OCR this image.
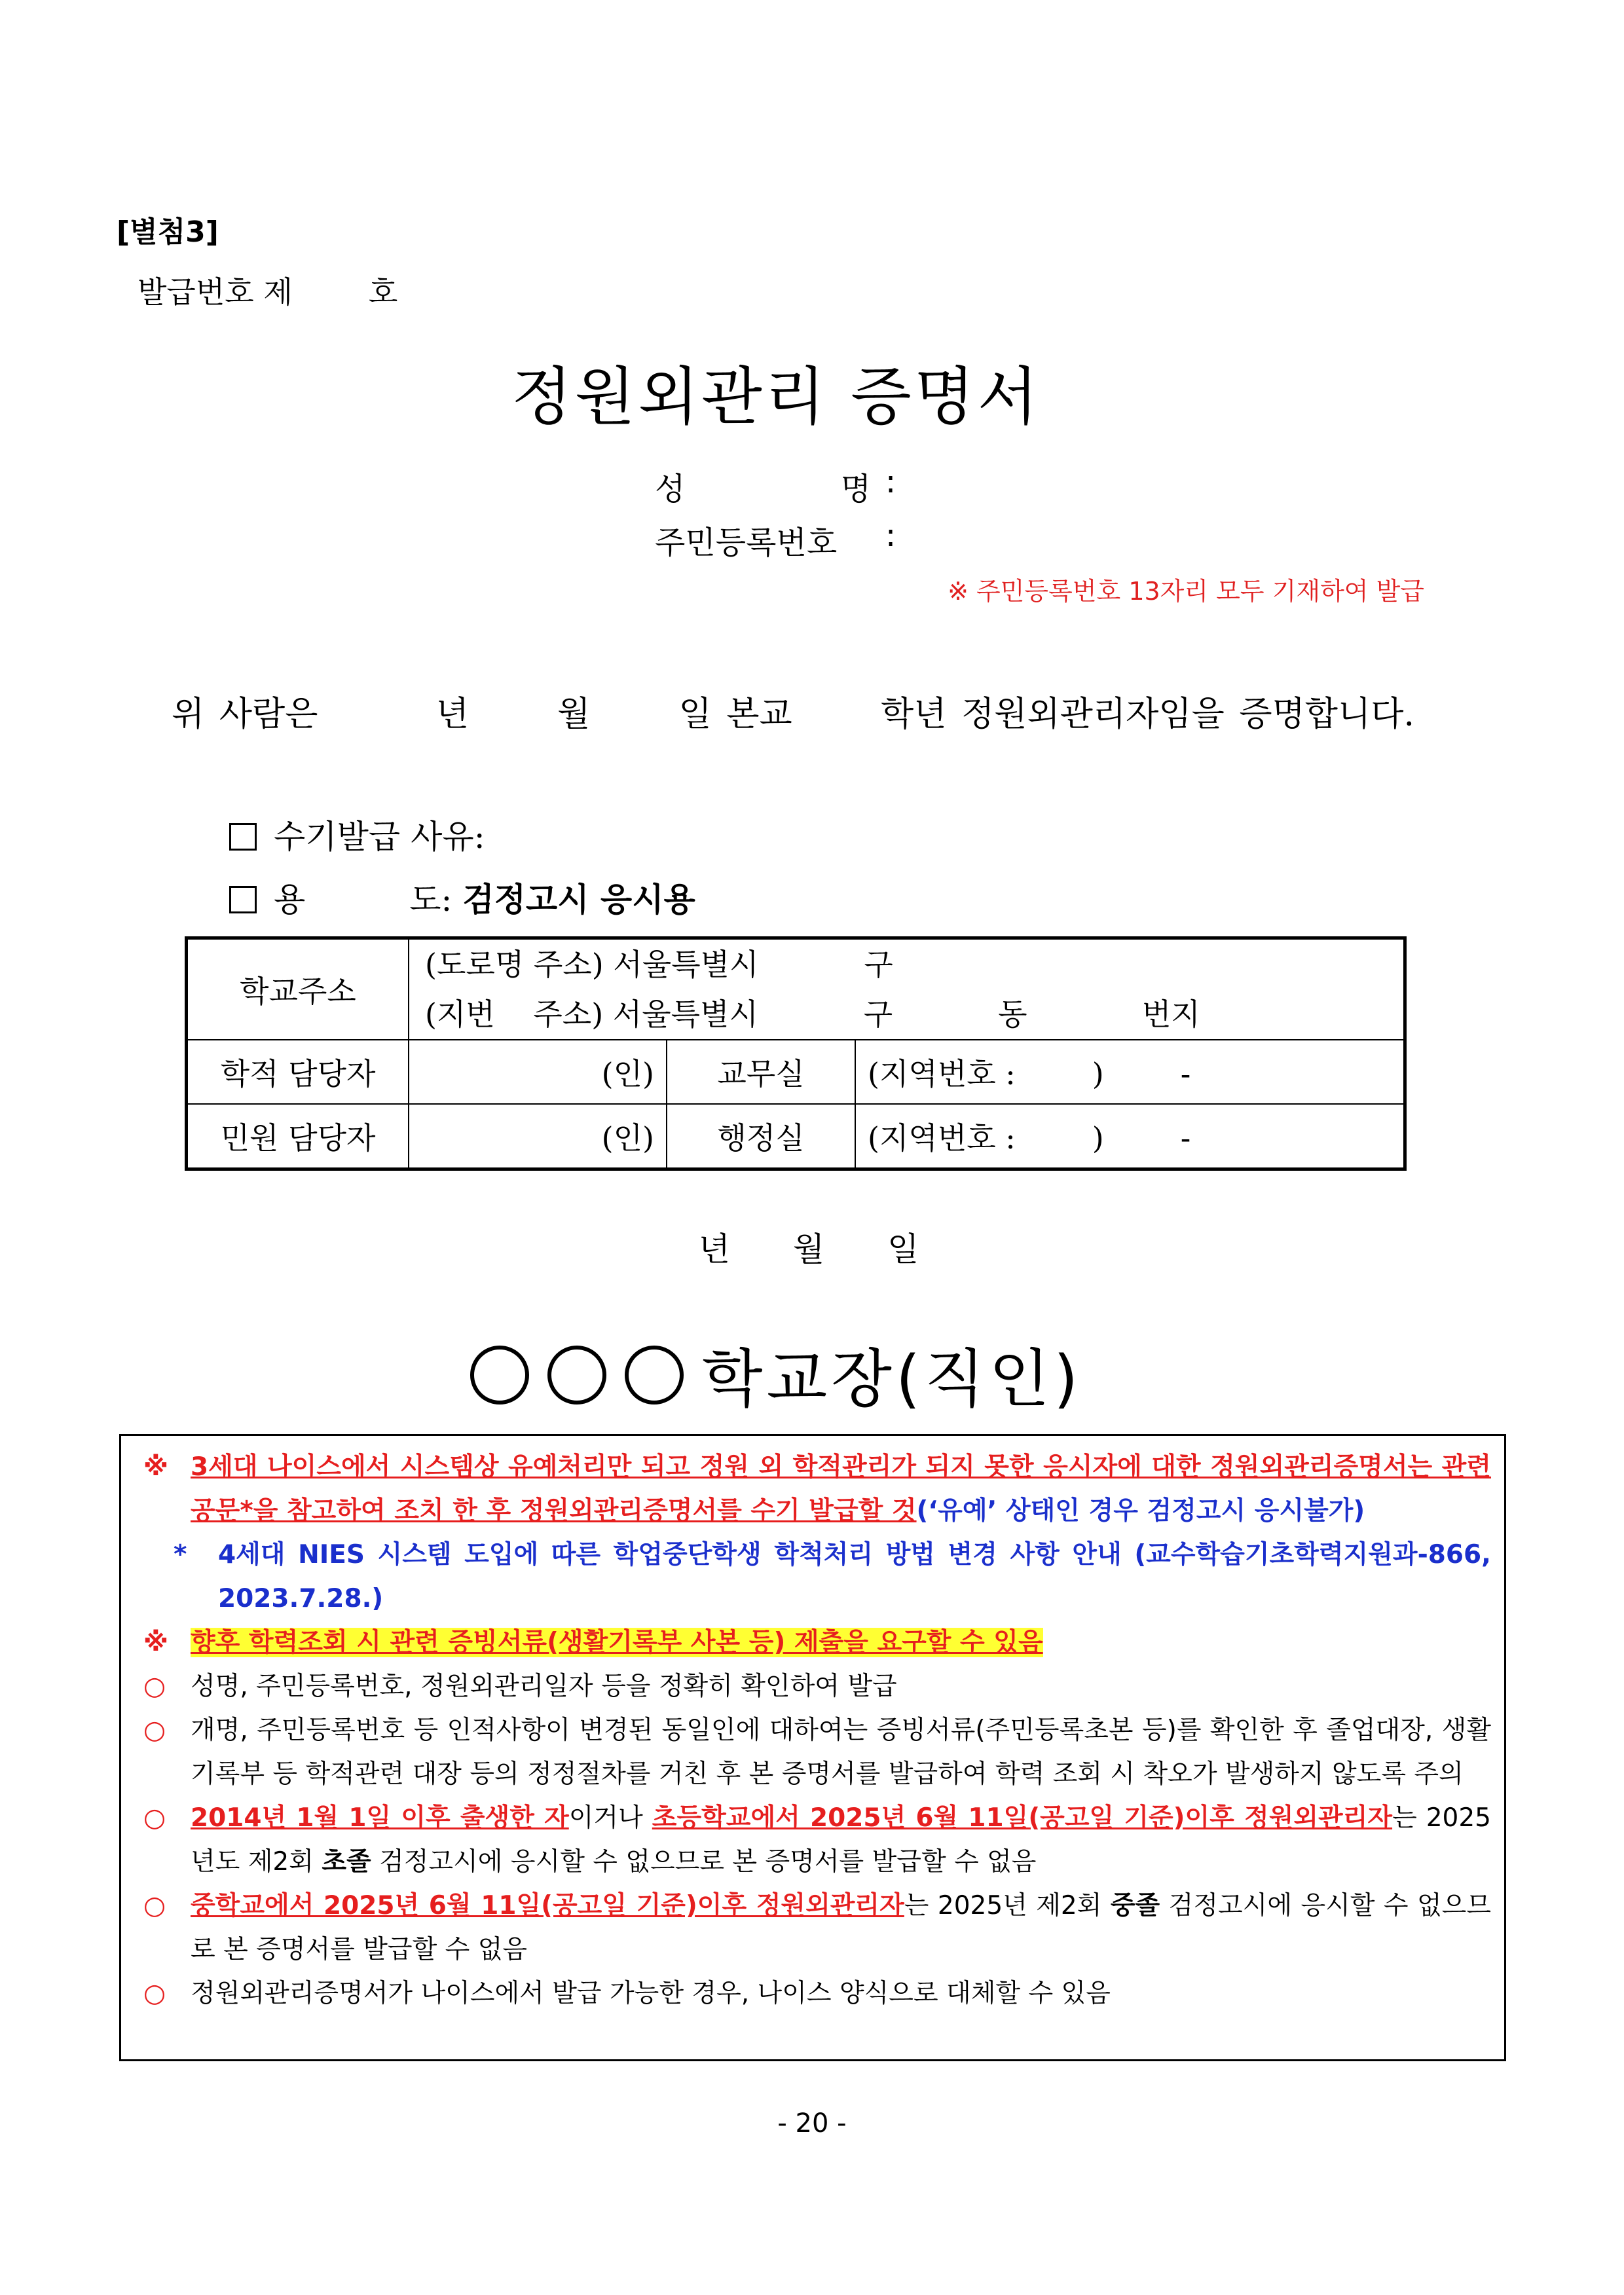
[별첨3]
발급번호 제	호
정원외관리 증명서
성	명 :
주민등록번호 :
※ 주민등록번호 13자리 모두 기재하여 발급
위 사람은	년	월	일 본교	학년 정원외관리자임을 증명합니다.
수기발급 사유:
용	도: 검정고시 응시용
학교주소	(도로명 주소) 서울특별시 구
(지번 주소) 서울특별시 구 동 번지		

학적 담당자	(인)	교무실	(지역번호 : ) -
민원 담당자	(인)	행정실	(지역번호 : ) -
년 월 일
학교장(직인)
※ 3세대 나이스에서 시스템상 유예처리만 되고 정원 외 학적관리가 되지 못한 응시자에 대한 정원외관리증명서는 관련 공문*을 참고하여 조치 한 후 정원외관리증명서를 수기 발급할 것(‘유예’ 상태인 경우 검정고시 응시불가)
* 4세대 NIES 시스템 도입에 따른 학업중단학생 학척처리 방법 변경 사항 안내 (교수학습기초학력지원과-866, 2023.7.28.)
※ 향후 학력조회 시 관련 증빙서류(생활기록부 사본 등) 제출을 요구할 수 있음
○ 성명, 주민등록번호, 정원외관리일자 등을 정확히 확인하여 발급
○ 개명, 주민등록번호 등 인적사항이 변경된 동일인에 대하여는 증빙서류(주민등록초본 등)를 확인한 후 졸업대장, 생활기록부 등 학적관련 대장 등의 정정절차를 거친 후 본 증명서를 발급하여 학력 조회 시 착오가 발생하지 않도록 주의
○ 2014년 1월 1일 이후 출생한 자이거나 초등학교에서 2025년 6월 11일(공고일 기준)이후 정원외관리자는 2025년도 제2회 초졸 검정고시에 응시할 수 없으므로 본 증명서를 발급할 수 없음
○ 중학교에서 2025년 6월 11일(공고일 기준)이후 정원외관리자는 2025년 제2회 중졸 검정고시에 응시할 수 없으므로 본 증명서를 발급할 수 없음
○ 정원외관리증명서가 나이스에서 발급 가능한 경우, 나이스 양식으로 대체할 수 있음
- 20 -
